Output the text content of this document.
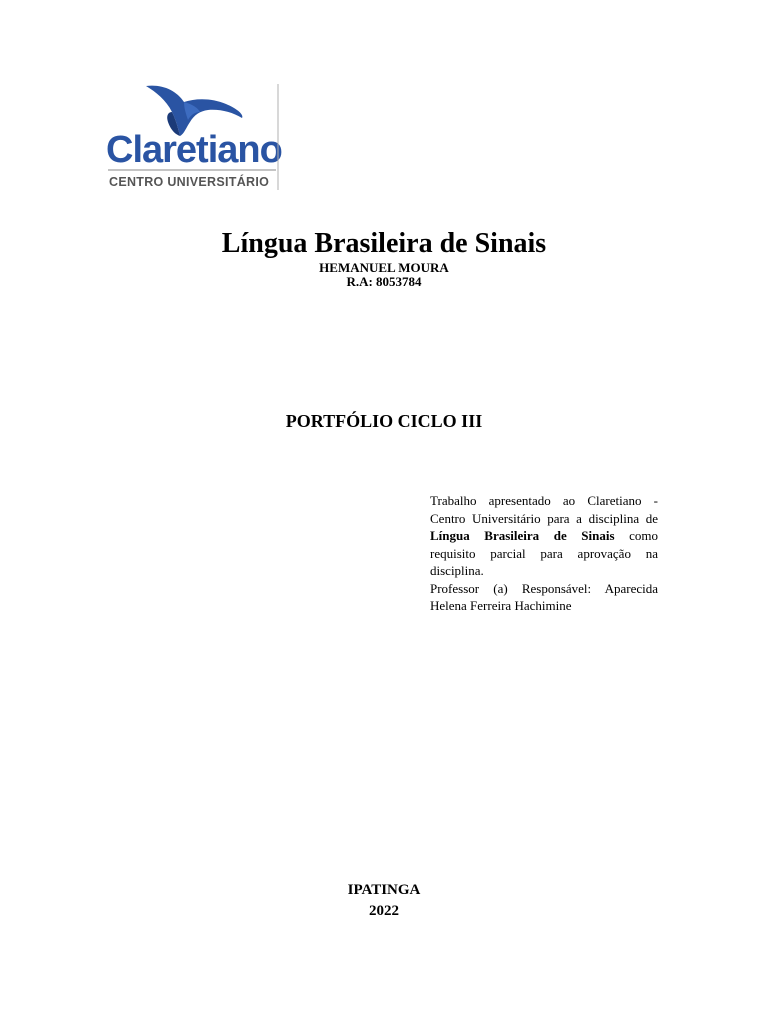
Claretiano
CENTRO UNIVERSITÁRIO
Língua Brasileira de Sinais
HEMANUEL MOURA
R.A: 8053784
PORTFÓLIO CICLO III

Trabalho apresentado ao Claretiano - Centro Universitário para a disciplina de Língua Brasileira de Sinais como requisito parcial para aprovação na disciplina.

Professor (a) Responsável: Aparecida Helena Ferreira Hachimine

IPATINGA
2022
